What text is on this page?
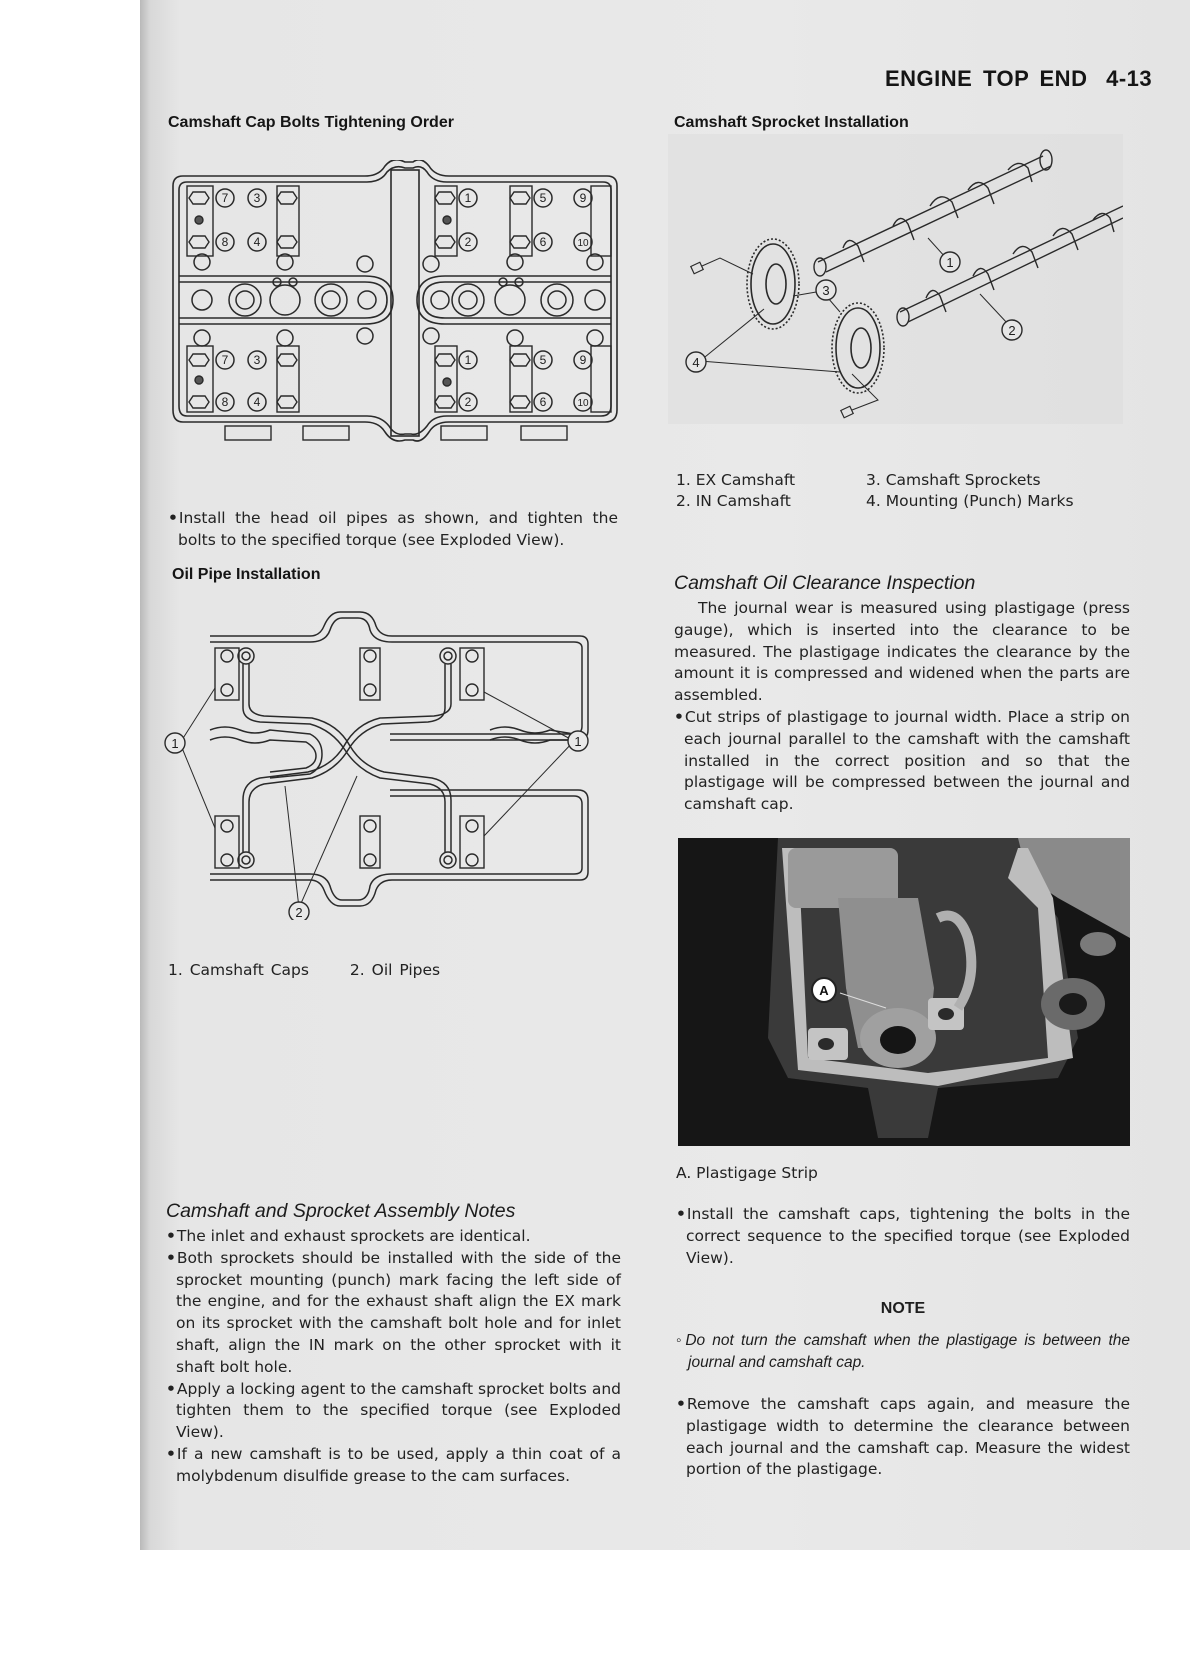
ENGINE TOP END 4-13
Camshaft Cap Bolts Tightening Order
7 3
8 4
1	5	9
2	6	10
7 3
8 4
1	5	9
2	6	10

• Install the head oil pipes as shown, and tighten the bolts to the specified torque (see Exploded View).

Oil Pipe Installation
1	1
2
1. Camshaft Caps	2. Oil Pipes
Camshaft and Sprocket Assembly Notes

• The inlet and exhaust sprockets are identical.

• Both sprockets should be installed with the side of the sprocket mounting (punch) mark facing the left side of the engine, and for the exhaust shaft align the EX mark on its sprocket with the camshaft bolt hole and for inlet shaft, align the IN mark on the other sprocket with it shaft bolt hole.

• Apply a locking agent to the camshaft sprocket bolts and tighten them to the specified torque (see Exploded View).

• If a new camshaft is to be used, apply a thin coat of a molybdenum disulfide grease to the cam surfaces.

Camshaft Sprocket Installation
1
2
3
4
1. EX Camshaft	3. Camshaft Sprockets
2. IN Camshaft	4. Mounting (Punch) Marks
Camshaft Oil Clearance Inspection

The journal wear is measured using plastigage (press gauge), which is inserted into the clearance to be measured. The plastigage indicates the clearance by the amount it is compressed and widened when the parts are assembled.

• Cut strips of plastigage to journal width. Place a strip on each journal parallel to the camshaft with the camshaft installed in the correct position and so that the plastigage will be compressed between the journal and camshaft cap.

A
A. Plastigage Strip

• Install the camshaft caps, tightening the bolts in the correct sequence to the specified torque (see Exploded View).

NOTE

◦ Do not turn the camshaft when the plastigage is between the journal and camshaft cap.

• Remove the camshaft caps again, and measure the plastigage width to determine the clearance between each journal and the camshaft cap. Measure the widest portion of the plastigage.
